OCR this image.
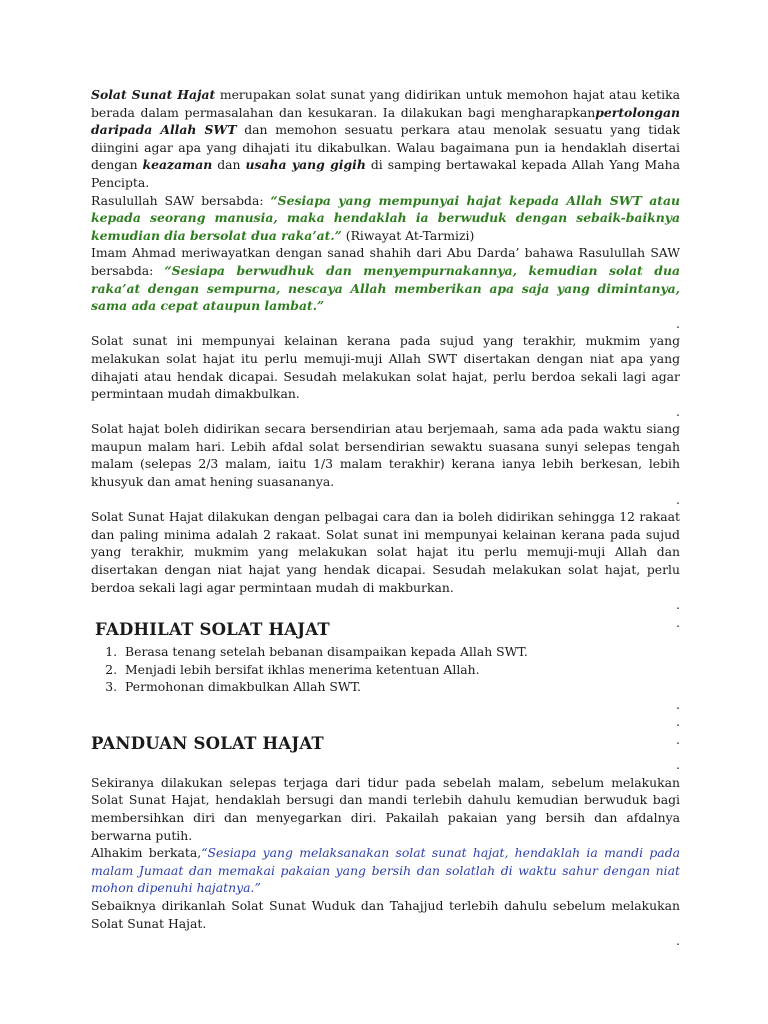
Solat Sunat Hajat merupakan solat sunat yang didirikan untuk memohon hajat atau ketika berada dalam permasalahan dan kesukaran. Ia dilakukan bagi mengharapkanpertolongan daripada Allah SWT dan memohon sesuatu perkara atau menolak sesuatu yang tidak diingini agar apa yang dihajati itu dikabulkan. Walau bagaimana pun ia hendaklah disertai dengan keazaman dan usaha yang gigih di samping bertawakal kepada Allah Yang Maha Pencipta.

Rasulullah SAW bersabda: “Sesiapa yang mempunyai hajat kepada Allah SWT atau kepada seorang manusia, maka hendaklah ia berwuduk dengan sebaik-baiknya kemudian dia bersolat dua raka’at.” (Riwayat At-Tarmizi)

Imam Ahmad meriwayatkan dengan sanad shahih dari Abu Darda’ bahawa Rasulullah SAW bersabda: “Sesiapa berwudhuk dan menyempurnakannya, kemudian solat dua raka’at dengan sempurna, nescaya Allah memberikan apa saja yang dimintanya, sama ada cepat ataupun lambat.”

.

Solat sunat ini mempunyai kelainan kerana pada sujud yang terakhir, mukmim yang melakukan solat hajat itu perlu memuji-muji Allah SWT disertakan dengan niat apa yang dihajati atau hendak dicapai. Sesudah melakukan solat hajat, perlu berdoa sekali lagi agar permintaan mudah dimakbulkan.

.

Solat hajat boleh didirikan secara bersendirian atau berjemaah, sama ada pada waktu siang maupun malam hari. Lebih afdal solat bersendirian sewaktu suasana sunyi selepas tengah malam (selepas 2/3 malam, iaitu 1/3 malam terakhir) kerana ianya lebih berkesan, lebih khusyuk dan amat hening suasananya.

.

Solat Sunat Hajat dilakukan dengan pelbagai cara dan ia boleh didirikan sehingga 12 rakaat dan paling minima adalah 2 rakaat. Solat sunat ini mempunyai kelainan kerana pada sujud yang terakhir, mukmim yang melakukan solat hajat itu perlu memuji-muji Allah dan disertakan dengan niat hajat yang hendak dicapai. Sesudah melakukan solat hajat, perlu berdoa sekali lagi agar permintaan mudah di makburkan.

.

.

FADHILAT SOLAT HAJAT
1. Berasa tenang setelah bebanan disampaikan kepada Allah SWT.
2. Menjadi lebih bersifat ikhlas menerima ketentuan Allah.
3. Permohonan dimakbulkan Allah SWT.

.

.

.

PANDUAN SOLAT HAJAT

.

Sekiranya dilakukan selepas terjaga dari tidur pada sebelah malam, sebelum melakukan Solat Sunat Hajat, hendaklah bersugi dan mandi terlebih dahulu kemudian berwuduk bagi membersihkan diri dan menyegarkan diri. Pakailah pakaian yang bersih dan afdalnya berwarna putih.

Alhakim berkata,“Sesiapa yang melaksanakan solat sunat hajat, hendaklah ia mandi pada malam Jumaat dan memakai pakaian yang bersih dan solatlah di waktu sahur dengan niat mohon dipenuhi hajatnya.”

Sebaiknya dirikanlah Solat Sunat Wuduk dan Tahajjud terlebih dahulu sebelum melakukan Solat Sunat Hajat.

.
